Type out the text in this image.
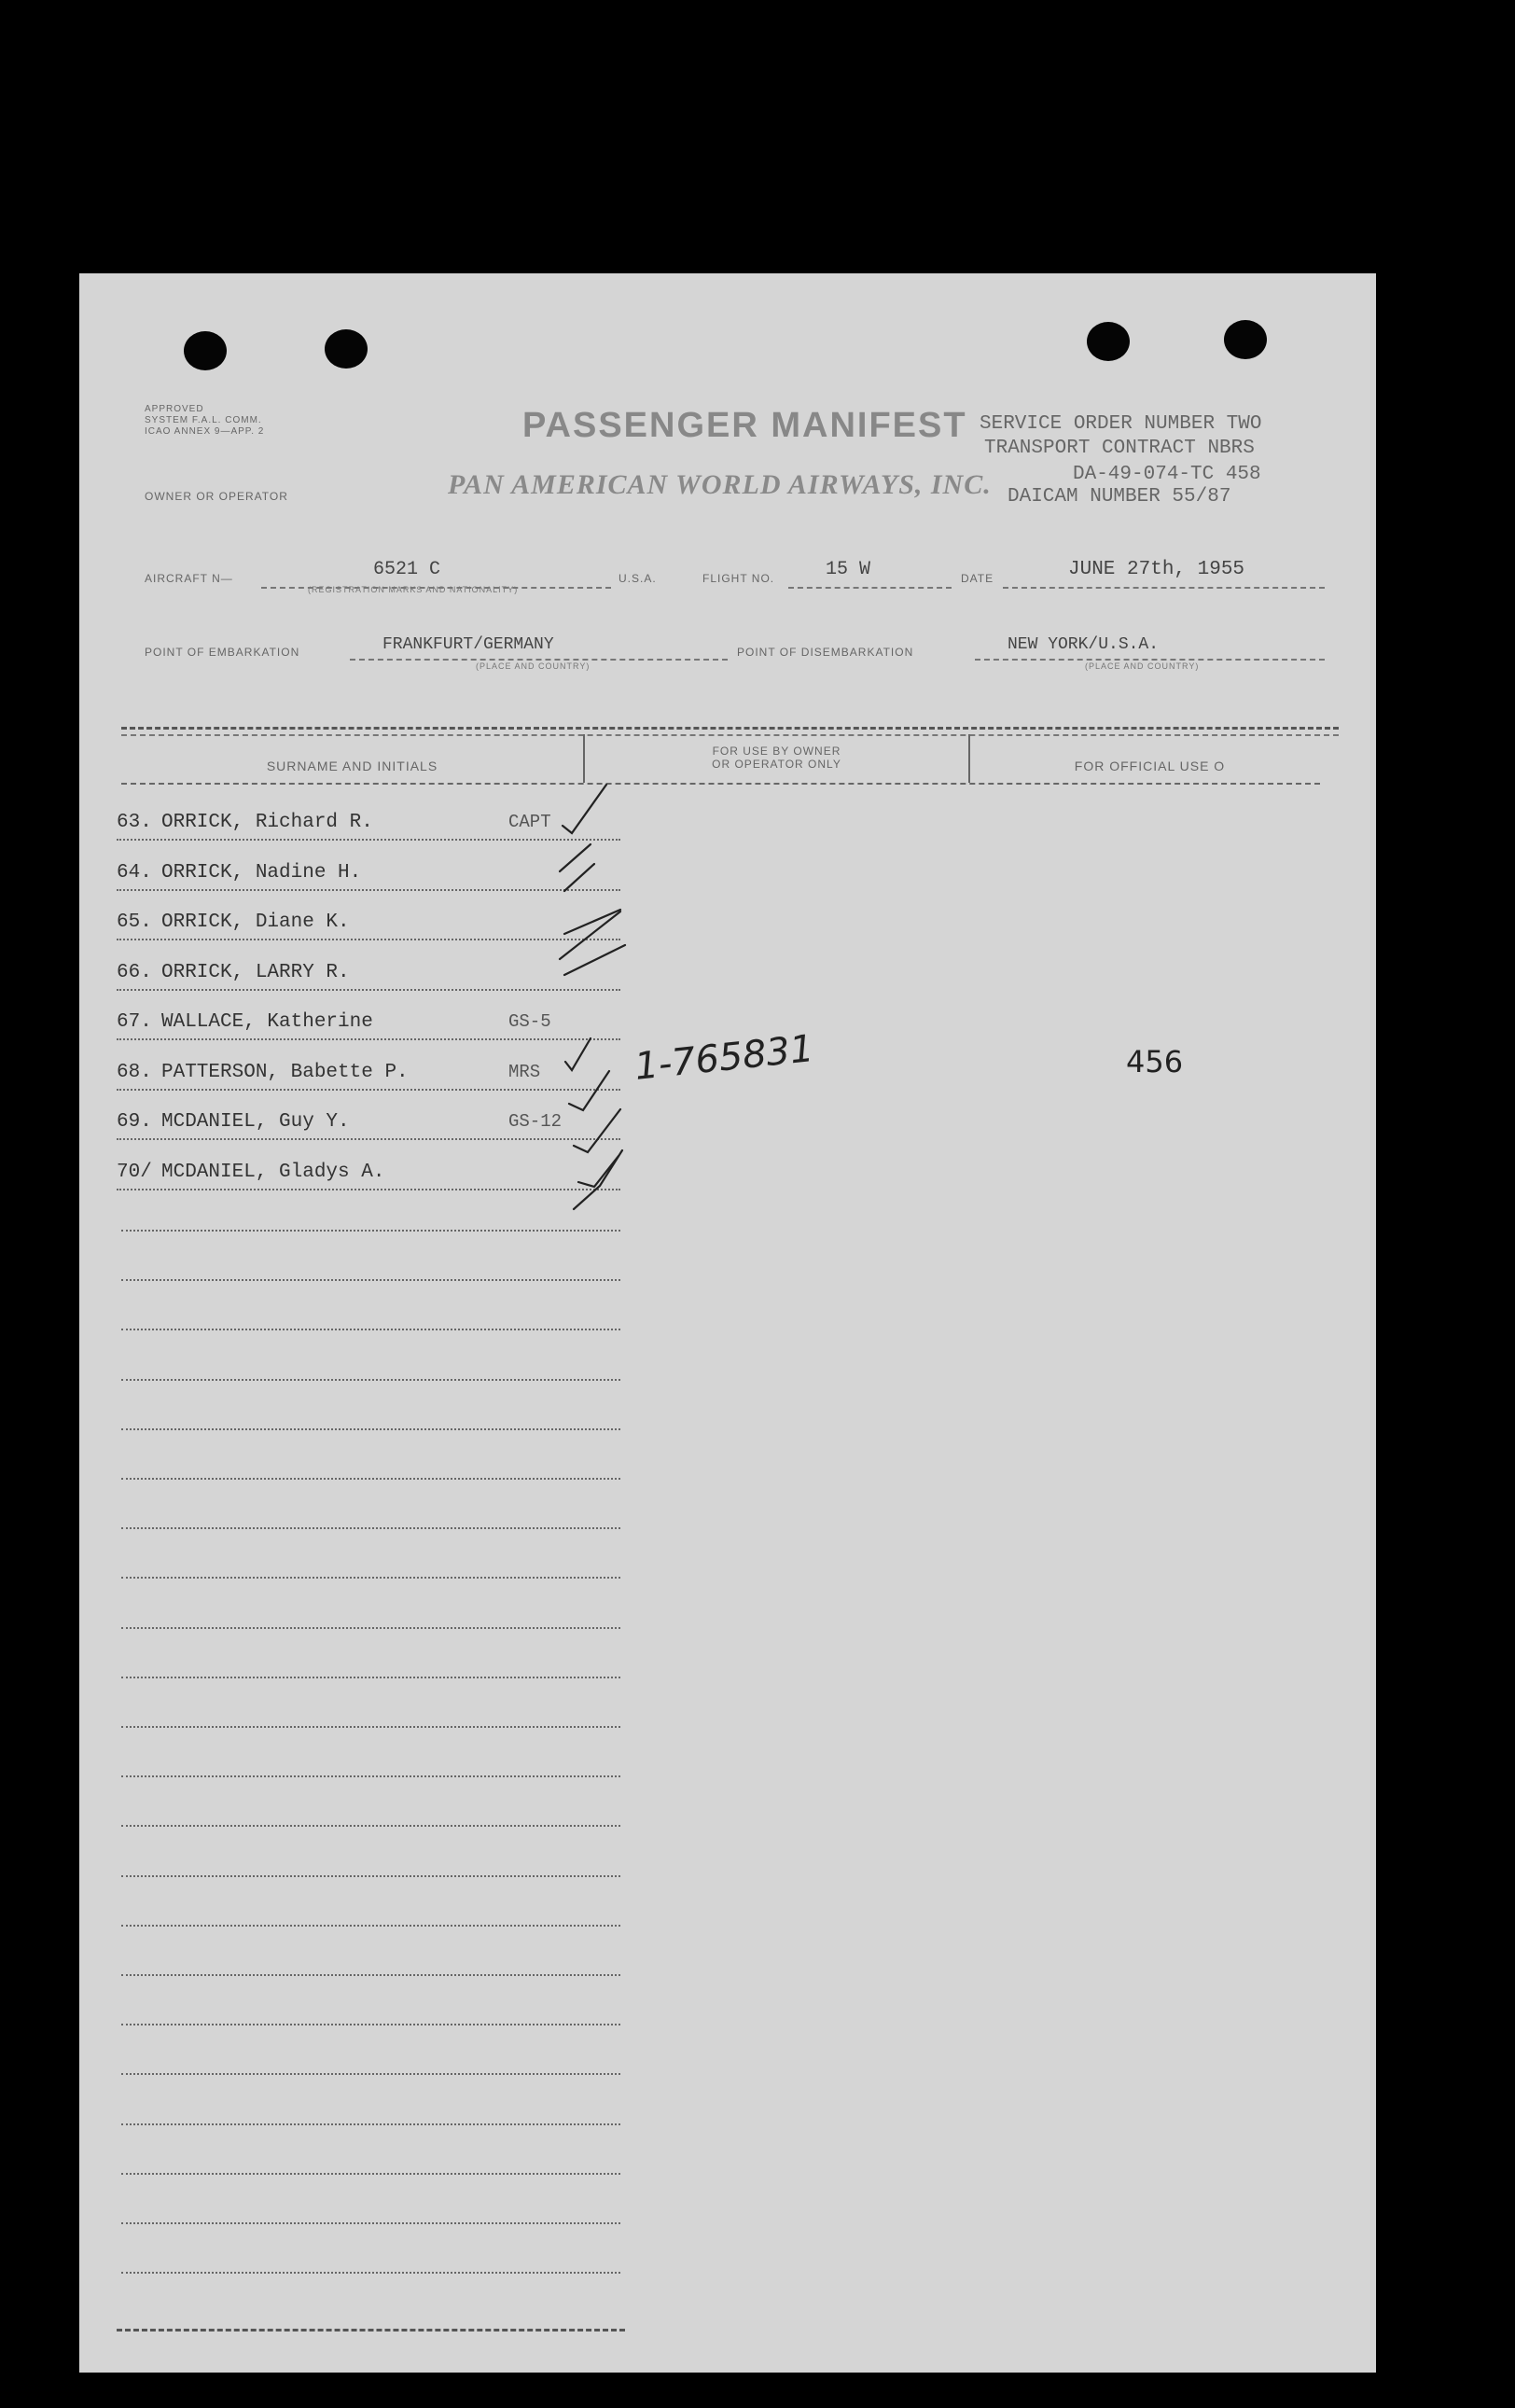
APPROVED
SYSTEM F.A.L. COMM.
ICAO ANNEX 9—APP. 2
OWNER OR OPERATOR
PASSENGER MANIFEST
PAN AMERICAN WORLD AIRWAYS, INC.
SERVICE ORDER NUMBER TWO
TRANSPORT CONTRACT NBRS
DA-49-074-TC 458
DAICAM NUMBER 55/87
AIRCRAFT N—	6521 C
(REGISTRATION MARKS AND NATIONALITY)
U.S.A.	FLIGHT NO.	15 W	DATE	JUNE 27th, 1955
POINT OF EMBARKATION	FRANKFURT/GERMANY
(PLACE AND COUNTRY)
POINT OF DISEMBARKATION	NEW YORK/U.S.A.
(PLACE AND COUNTRY)
SURNAME AND INITIALS
FOR USE BY OWNER
OR OPERATOR ONLY	FOR OFFICIAL USE O
63. ORRICK, Richard R.	CAPT
64. ORRICK, Nadine H.
65. ORRICK, Diane K.
66. ORRICK, LARRY R.
67. WALLACE, Katherine	GS-5
68. PATTERSON, Babette P.	MRS
69. MCDANIEL, Guy Y.	GS-12
70/ MCDANIEL, Gladys A.
1-765831	456
